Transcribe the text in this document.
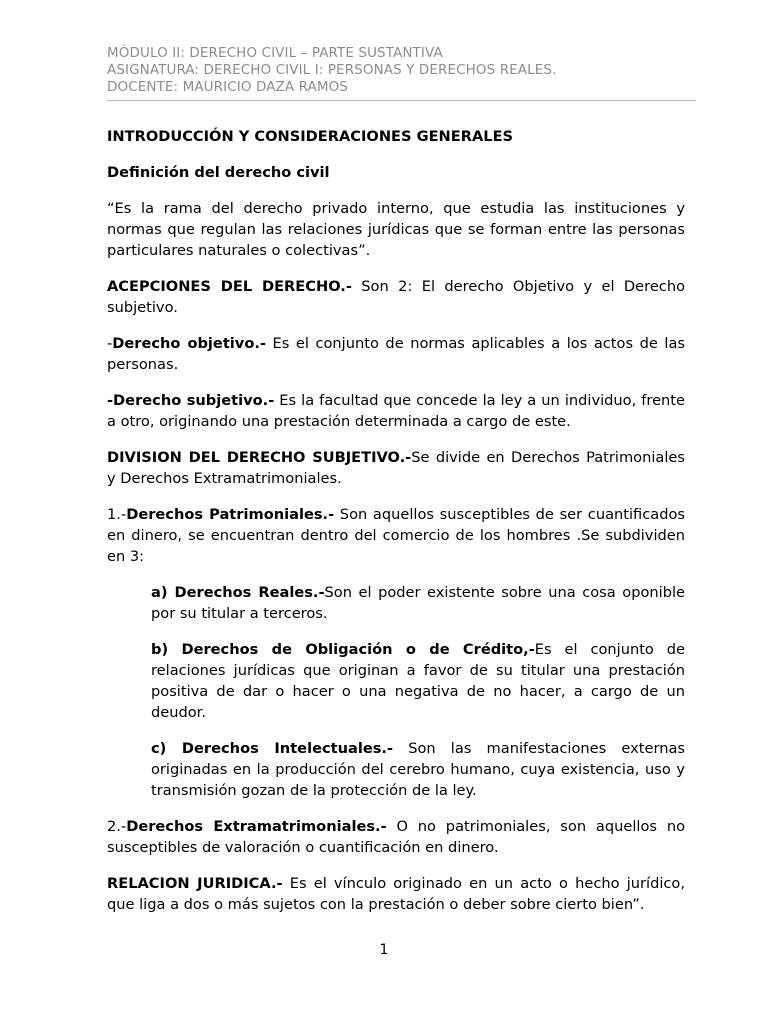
MÓDULO II: DERECHO CIVIL – PARTE SUSTANTIVA
ASIGNATURA: DERECHO CIVIL I: PERSONAS Y DERECHOS REALES.
DOCENTE: MAURICIO DAZA RAMOS

INTRODUCCIÓN Y CONSIDERACIONES GENERALES

Definición del derecho civil

“Es la rama del derecho privado interno, que estudia las instituciones y normas que regulan las relaciones jurídicas que se forman entre las personas particulares naturales o colectivas”.

ACEPCIONES DEL DERECHO.- Son 2: El derecho Objetivo y el Derecho subjetivo.

-Derecho objetivo.- Es el conjunto de normas aplicables a los actos de las personas.

-Derecho subjetivo.- Es la facultad que concede la ley a un individuo, frente a otro, originando una prestación determinada a cargo de este.

DIVISION DEL DERECHO SUBJETIVO.-Se divide en Derechos Patrimoniales y Derechos Extramatrimoniales.

1.-Derechos Patrimoniales.- Son aquellos susceptibles de ser cuantificados en dinero, se encuentran dentro del comercio de los hombres .Se subdividen en 3:

a) Derechos Reales.-Son el poder existente sobre una cosa oponible por su titular a terceros.

b) Derechos de Obligación o de Crédito,-Es el conjunto de relaciones jurídicas que originan a favor de su titular una prestación positiva de dar o hacer o una negativa de no hacer, a cargo de un deudor.

c) Derechos Intelectuales.- Son las manifestaciones externas originadas en la producción del cerebro humano, cuya existencia, uso y transmisión gozan de la protección de la ley.

2.-Derechos Extramatrimoniales.- O no patrimoniales, son aquellos no susceptibles de valoración o cuantificación en dinero.

RELACION JURIDICA.- Es el vínculo originado en un acto o hecho jurídico, que liga a dos o más sujetos con la prestación o deber sobre cierto bien”.

1
